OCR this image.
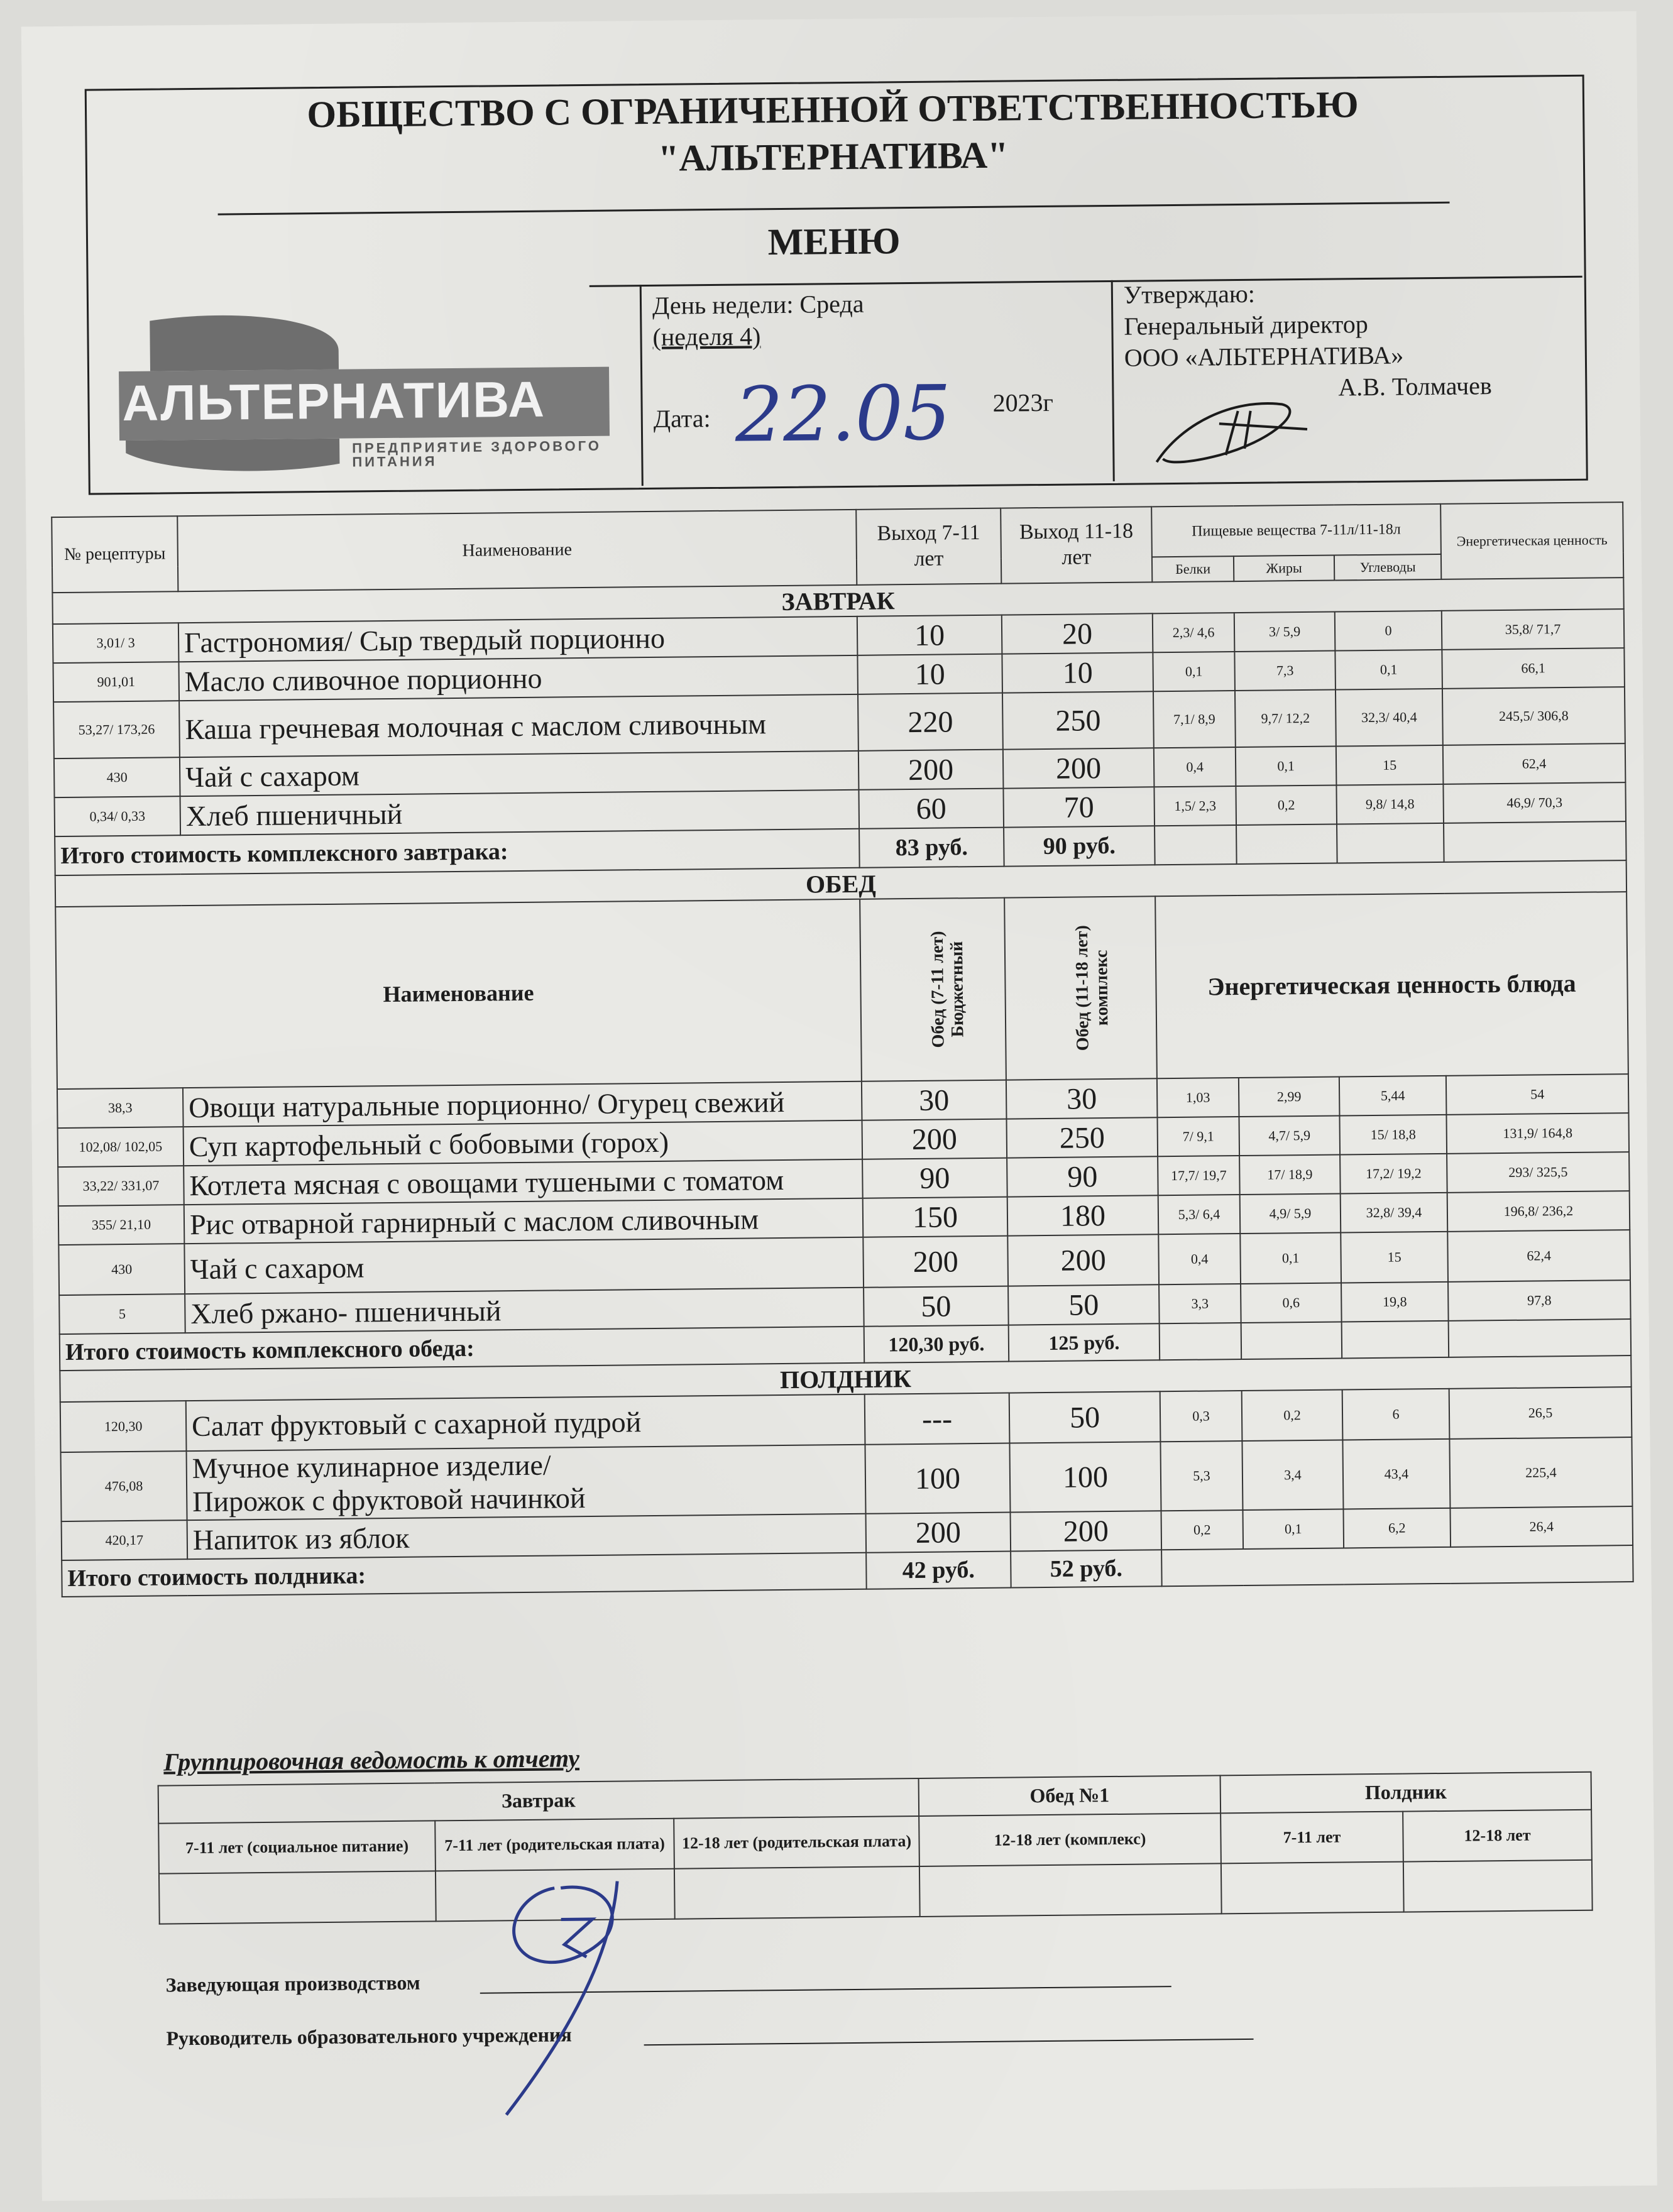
ОБЩЕСТВО С ОГРАНИЧЕННОЙ ОТВЕТСТВЕННОСТЬЮ
"АЛЬТЕРНАТИВА"
МЕНЮ
АЛЬТЕРНАТИВА
ПРЕДПРИЯТИЕ ЗДОРОВОГО ПИТАНИЯ
День недели: Среда
(неделя 4)
Дата: 22.05 2023г
Утверждаю:
Генеральный директор
ООО «АЛЬТЕРНАТИВА»
А.В. Толмачев
№ рецептуры	Наименование	Выход 7-11 лет	Выход 11-18 лет	Пищевые вещества 7-11л/11-18л			Энергетическая ценность
				Белки	Жиры	Углеводы	
ЗАВТРАК							
3,01/ 3	Гастрономия/ Сыр твердый порционно	10	20	2,3/ 4,6	3/ 5,9	0	35,8/ 71,7
901,01	Масло сливочное порционно	10	10	0,1	7,3	0,1	66,1
53,27/ 173,26	Каша гречневая молочная с маслом сливочным	220	250	7,1/ 8,9	9,7/ 12,2	32,3/ 40,4	245,5/ 306,8
430	Чай с сахаром	200	200	0,4	0,1	15	62,4
0,34/ 0,33	Хлеб пшеничный	60	70	1,5/ 2,3	0,2	9,8/ 14,8	46,9/ 70,3
Итого стоимость комплексного завтрака:		83 руб.	90 руб.				
ОБЕД							
Наименование		Обед (7-11 лет) Бюджетный	Обед (11-18 лет) комплекс	Энергетическая ценность блюда			
38,3	Овощи натуральные порционно/ Огурец свежий	30	30	1,03	2,99	5,44	54
102,08/ 102,05	Суп картофельный с бобовыми (горох)	200	250	7/ 9,1	4,7/ 5,9	15/ 18,8	131,9/ 164,8
33,22/ 331,07	Котлета мясная с овощами тушеными с томатом	90	90	17,7/ 19,7	17/ 18,9	17,2/ 19,2	293/ 325,5
355/ 21,10	Рис отварной гарнирный с маслом сливочным	150	180	5,3/ 6,4	4,9/ 5,9	32,8/ 39,4	196,8/ 236,2
430	Чай с сахаром	200	200	0,4	0,1	15	62,4
5	Хлеб ржано- пшеничный	50	50	3,3	0,6	19,8	97,8
Итого стоимость комплексного обеда:		120,30 руб.	125 руб.				
ПОЛДНИК							
120,30	Салат фруктовый с сахарной пудрой	---	50	0,3	0,2	6	26,5
476,08	Мучное кулинарное изделие/
Пирожок с фруктовой начинкой	100	100	5,3	3,4	43,4	225,4
420,17	Напиток из яблок	200	200	0,2	0,1	6,2	26,4
Итого стоимость полдника:		42 руб.	52 руб.				
Группировочная ведомость к отчету
Завтрак			Обед №1	Полдник	
7-11 лет (социальное питание)	7-11 лет (родительская плата)	12-18 лет (родительская плата)	12-18 лет (комплекс)	7-11 лет	12-18 лет

Заведующая производством
Руководитель образовательного учреждения
